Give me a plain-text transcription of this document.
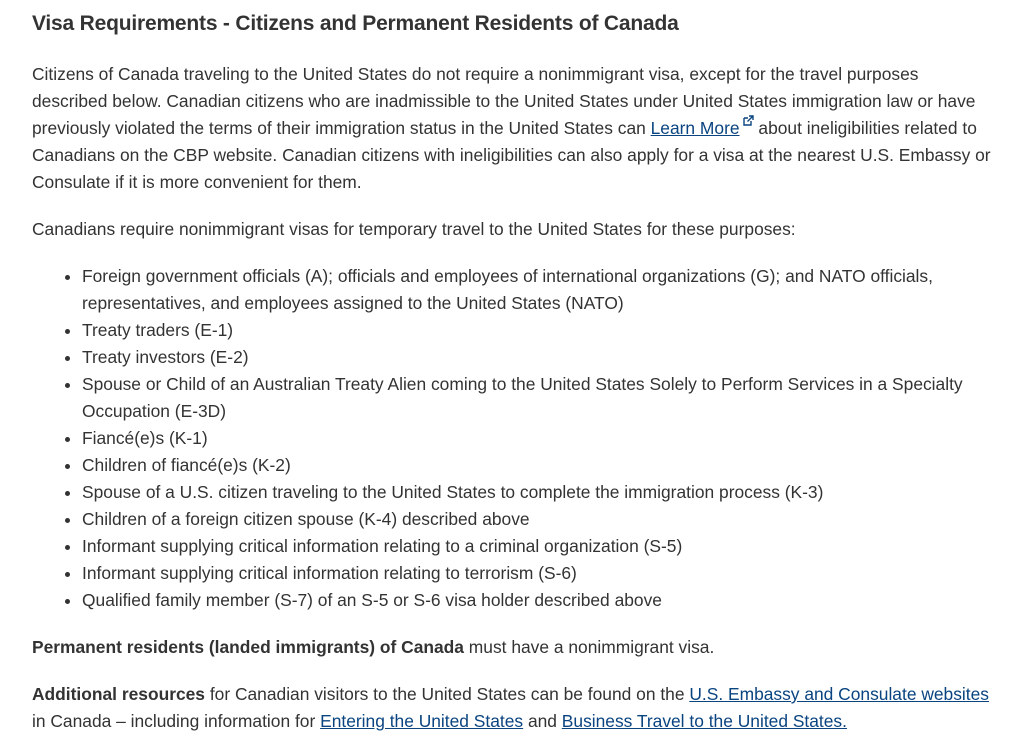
Visa Requirements - Citizens and Permanent Residents of Canada

Citizens of Canada traveling to the United States do not require a nonimmigrant visa, except for the travel purposes described below. Canadian citizens who are inadmissible to the United States under United States immigration law or have previously violated the terms of their immigration status in the United States can Learn More about ineligibilities related to Canadians on the CBP website. Canadian citizens with ineligibilities can also apply for a visa at the nearest U.S. Embassy or Consulate if it is more convenient for them.

Canadians require nonimmigrant visas for temporary travel to the United States for these purposes:

• Foreign government officials (A); officials and employees of international organizations (G); and NATO officials, representatives, and employees assigned to the United States (NATO)
• Treaty traders (E-1)
• Treaty investors (E-2)
• Spouse or Child of an Australian Treaty Alien coming to the United States Solely to Perform Services in a Specialty Occupation (E-3D)
• Fiancé(e)s (K-1)
• Children of fiancé(e)s (K-2)
• Spouse of a U.S. citizen traveling to the United States to complete the immigration process (K-3)
• Children of a foreign citizen spouse (K-4) described above
• Informant supplying critical information relating to a criminal organization (S-5)
• Informant supplying critical information relating to terrorism (S-6)
• Qualified family member (S-7) of an S-5 or S-6 visa holder described above

Permanent residents (landed immigrants) of Canada must have a nonimmigrant visa.

Additional resources for Canadian visitors to the United States can be found on the U.S. Embassy and Consulate websites in Canada – including information for Entering the United States and Business Travel to the United States.
